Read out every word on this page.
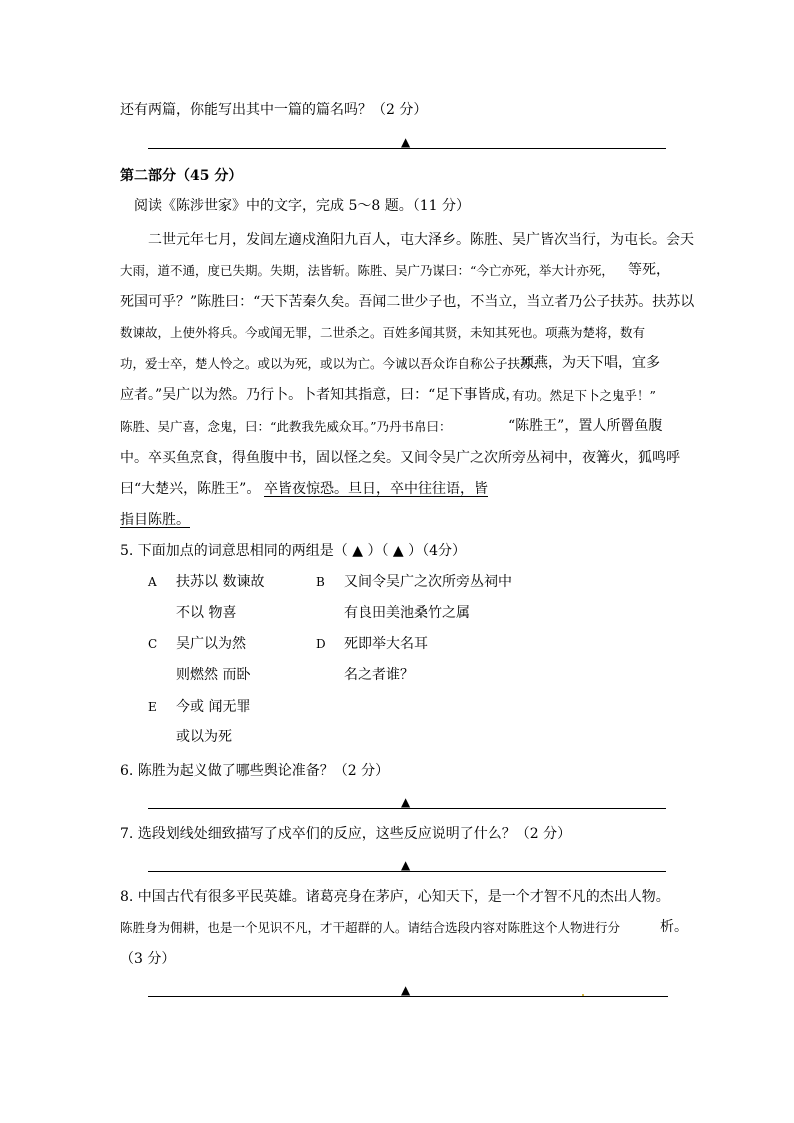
还有两篇，你能写出其中一篇的篇名吗？（2 分）
▲
第二部分（45 分）
阅读《陈涉世家》中的文字，完成 5～8 题。（11 分）
二世元年七月，发闾左適戍渔阳九百人，屯大泽乡。陈胜、吴广皆次当行，为屯长。会天
大雨，道不通，度已失期。失期，法皆斩。陈胜、吴广乃谋曰：“今亡亦死，举大计亦死， 等死，
死国可乎？”陈胜曰：“天下苦秦久矣。吾闻二世少子也，不当立，当立者乃公子扶苏。扶苏以
数谏故，上使外将兵。今或闻无罪，二世杀之。百姓多闻其贤，未知其死也。项燕为楚将，数有
功，爱士卒，楚人怜之。或以为死，或以为亡。今诚以吾众诈自称公子扶苏、
项燕，为天下唱，宜多
应者。”吴广以为然。乃行卜。卜者知其指意，曰：“足下事皆成，
有功。然足下卜之鬼乎！”
陈胜、吴广喜，念鬼，曰：“此教我先威众耳。”乃丹书帛曰：	“陈胜王”，置人所罾鱼腹
中。卒买鱼烹食，得鱼腹中书，固以怪之矣。又间令吴广之次所旁丛祠中，夜篝火，狐鸣呼
曰“大楚兴，陈胜王”。 卒皆夜惊恐。旦日，卒中往往语，皆
指目陈胜。
5. 下面加点的词意思相同的两组是（ ▲ ）（ ▲ ）（4分）
A 扶苏以 数谏故
不以 物喜
B 又间令吴广之次所旁丛祠中
有良田美池桑竹之属
C 吴广以为然
则燃然 而卧
D 死即举大名耳
名之者谁？
E 今或 闻无罪
或以为死
6. 陈胜为起义做了哪些舆论准备？（2 分）
▲
7. 选段划线处细致描写了戍卒们的反应，这些反应说明了什么？（2 分）
▲
8. 中国古代有很多平民英雄。诸葛亮身在茅庐，心知天下，是一个才智不凡的杰出人物。
陈胜身为佣耕，也是一个见识不凡，才干超群的人。请结合选段内容对陈胜这个人物进行分	析。
（3 分）
▲
